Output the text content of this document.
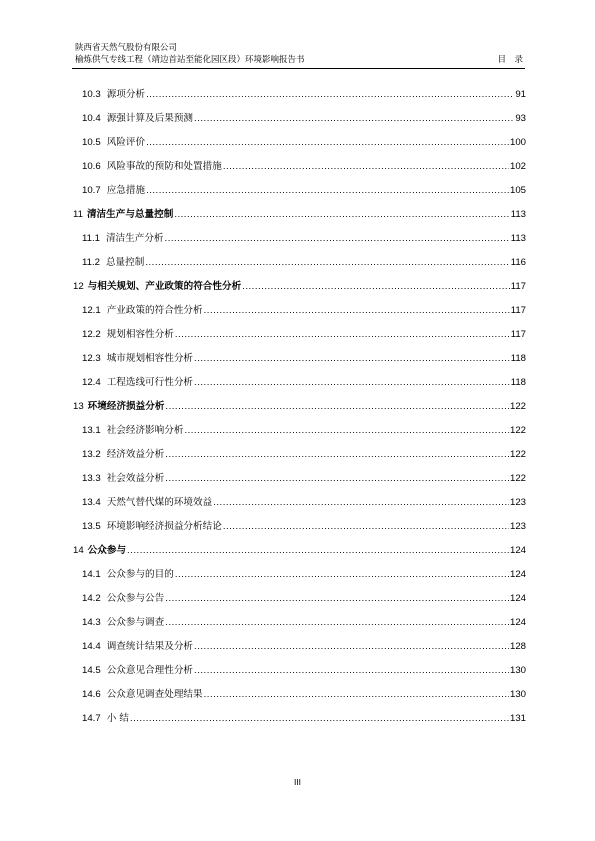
陕西省天然气股份有限公司
榆炼供气专线工程（靖边首站至能化园区段）环境影响报告书	目　录
10.3 源项分析 .....	91
10.4 源强计算及后果预测 .....	93
10.5 风险评价 .....	100
10.6 风险事故的预防和处置措施 .....	102
10.7 应急措施 .....	105
11 清洁生产与总量控制 .....	113
11.1 清洁生产分析 .....	113
11.2 总量控制 .....	116
12 与相关规划、产业政策的符合性分析 .....	117
12.1 产业政策的符合性分析 .....	117
12.2 规划相容性分析 .....	117
12.3 城市规划相容性分析 .....	118
12.4 工程选线可行性分析 .....	118
13 环境经济损益分析 .....	122
13.1 社会经济影响分析 .....	122
13.2 经济效益分析 .....	122
13.3 社会效益分析 .....	122
13.4 天然气替代煤的环境效益 .....	123
13.5 环境影响经济损益分析结论 .....	123
14 公众参与 .....	124
14.1 公众参与的目的 .....	124
14.2 公众参与公告 .....	124
14.3 公众参与调查 .....	124
14.4 调查统计结果及分析 .....	128
14.5 公众意见合理性分析 .....	130
14.6 公众意见调查处理结果 .....	130
14.7 小 结 .....	131
III
